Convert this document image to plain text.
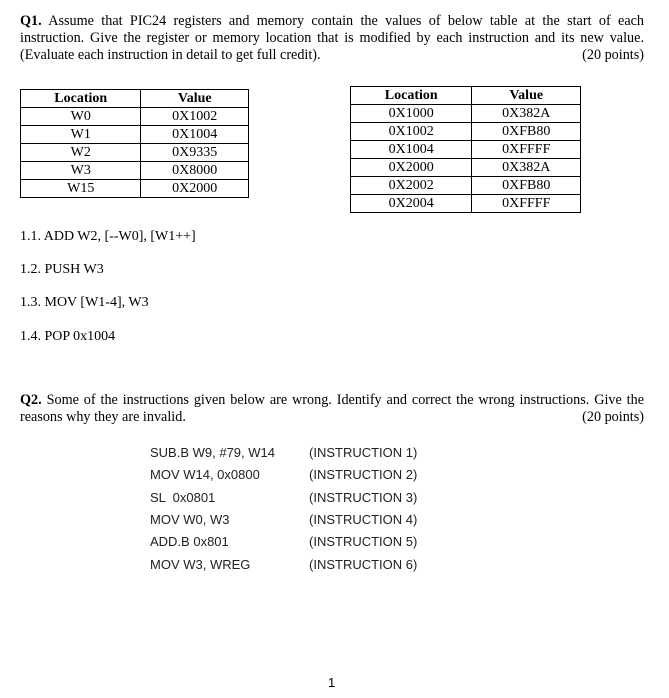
Q1. Assume that PIC24 registers and memory contain the values of below table at the start of each
instruction. Give the register or memory location that is modified by each instruction and its new value.
(Evaluate each instruction in detail to get full credit).	(20 points)
Location	Value
W0	0X1002
W1	0X1004
W2	0X9335
W3	0X8000
W15	0X2000
Location	Value
0X1000	0X382A
0X1002	0XFB80
0X1004	0XFFFF
0X2000	0X382A
0X2002	0XFB80
0X2004	0XFFFF
1.1. ADD W2, [--W0], [W1++]
1.2. PUSH W3
1.3. MOV [W1-4], W3
1.4. POP 0x1004
Q2. Some of the instructions given below are wrong. Identify and correct the wrong instructions. Give the
reasons why they are invalid.	(20 points)
SUB.B W9, #79, W14	(INSTRUCTION 1)
MOV W14, 0x0800	(INSTRUCTION 2)
SL  0x0801	(INSTRUCTION 3)
MOV W0, W3	(INSTRUCTION 4)
ADD.B 0x801	(INSTRUCTION 5)
MOV W3, WREG	(INSTRUCTION 6)
1
